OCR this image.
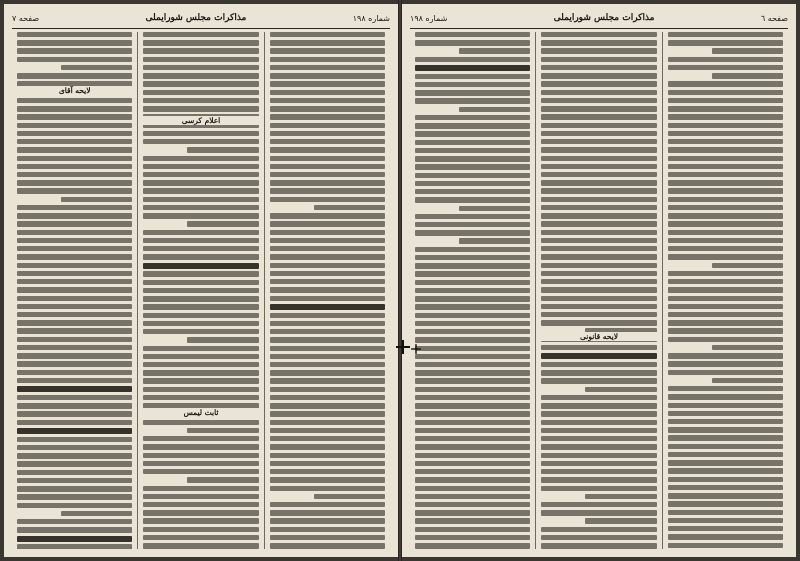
شماره ۱۹۸
مذاکرات مجلس شورایملی
صفحه ۷
اعلام کرسی
ثابت لیمس
لایحه آقای
صفحه ٦
مذاکرات مجلس شورایملی
شماره ۱۹۸
لایحه قانونی
